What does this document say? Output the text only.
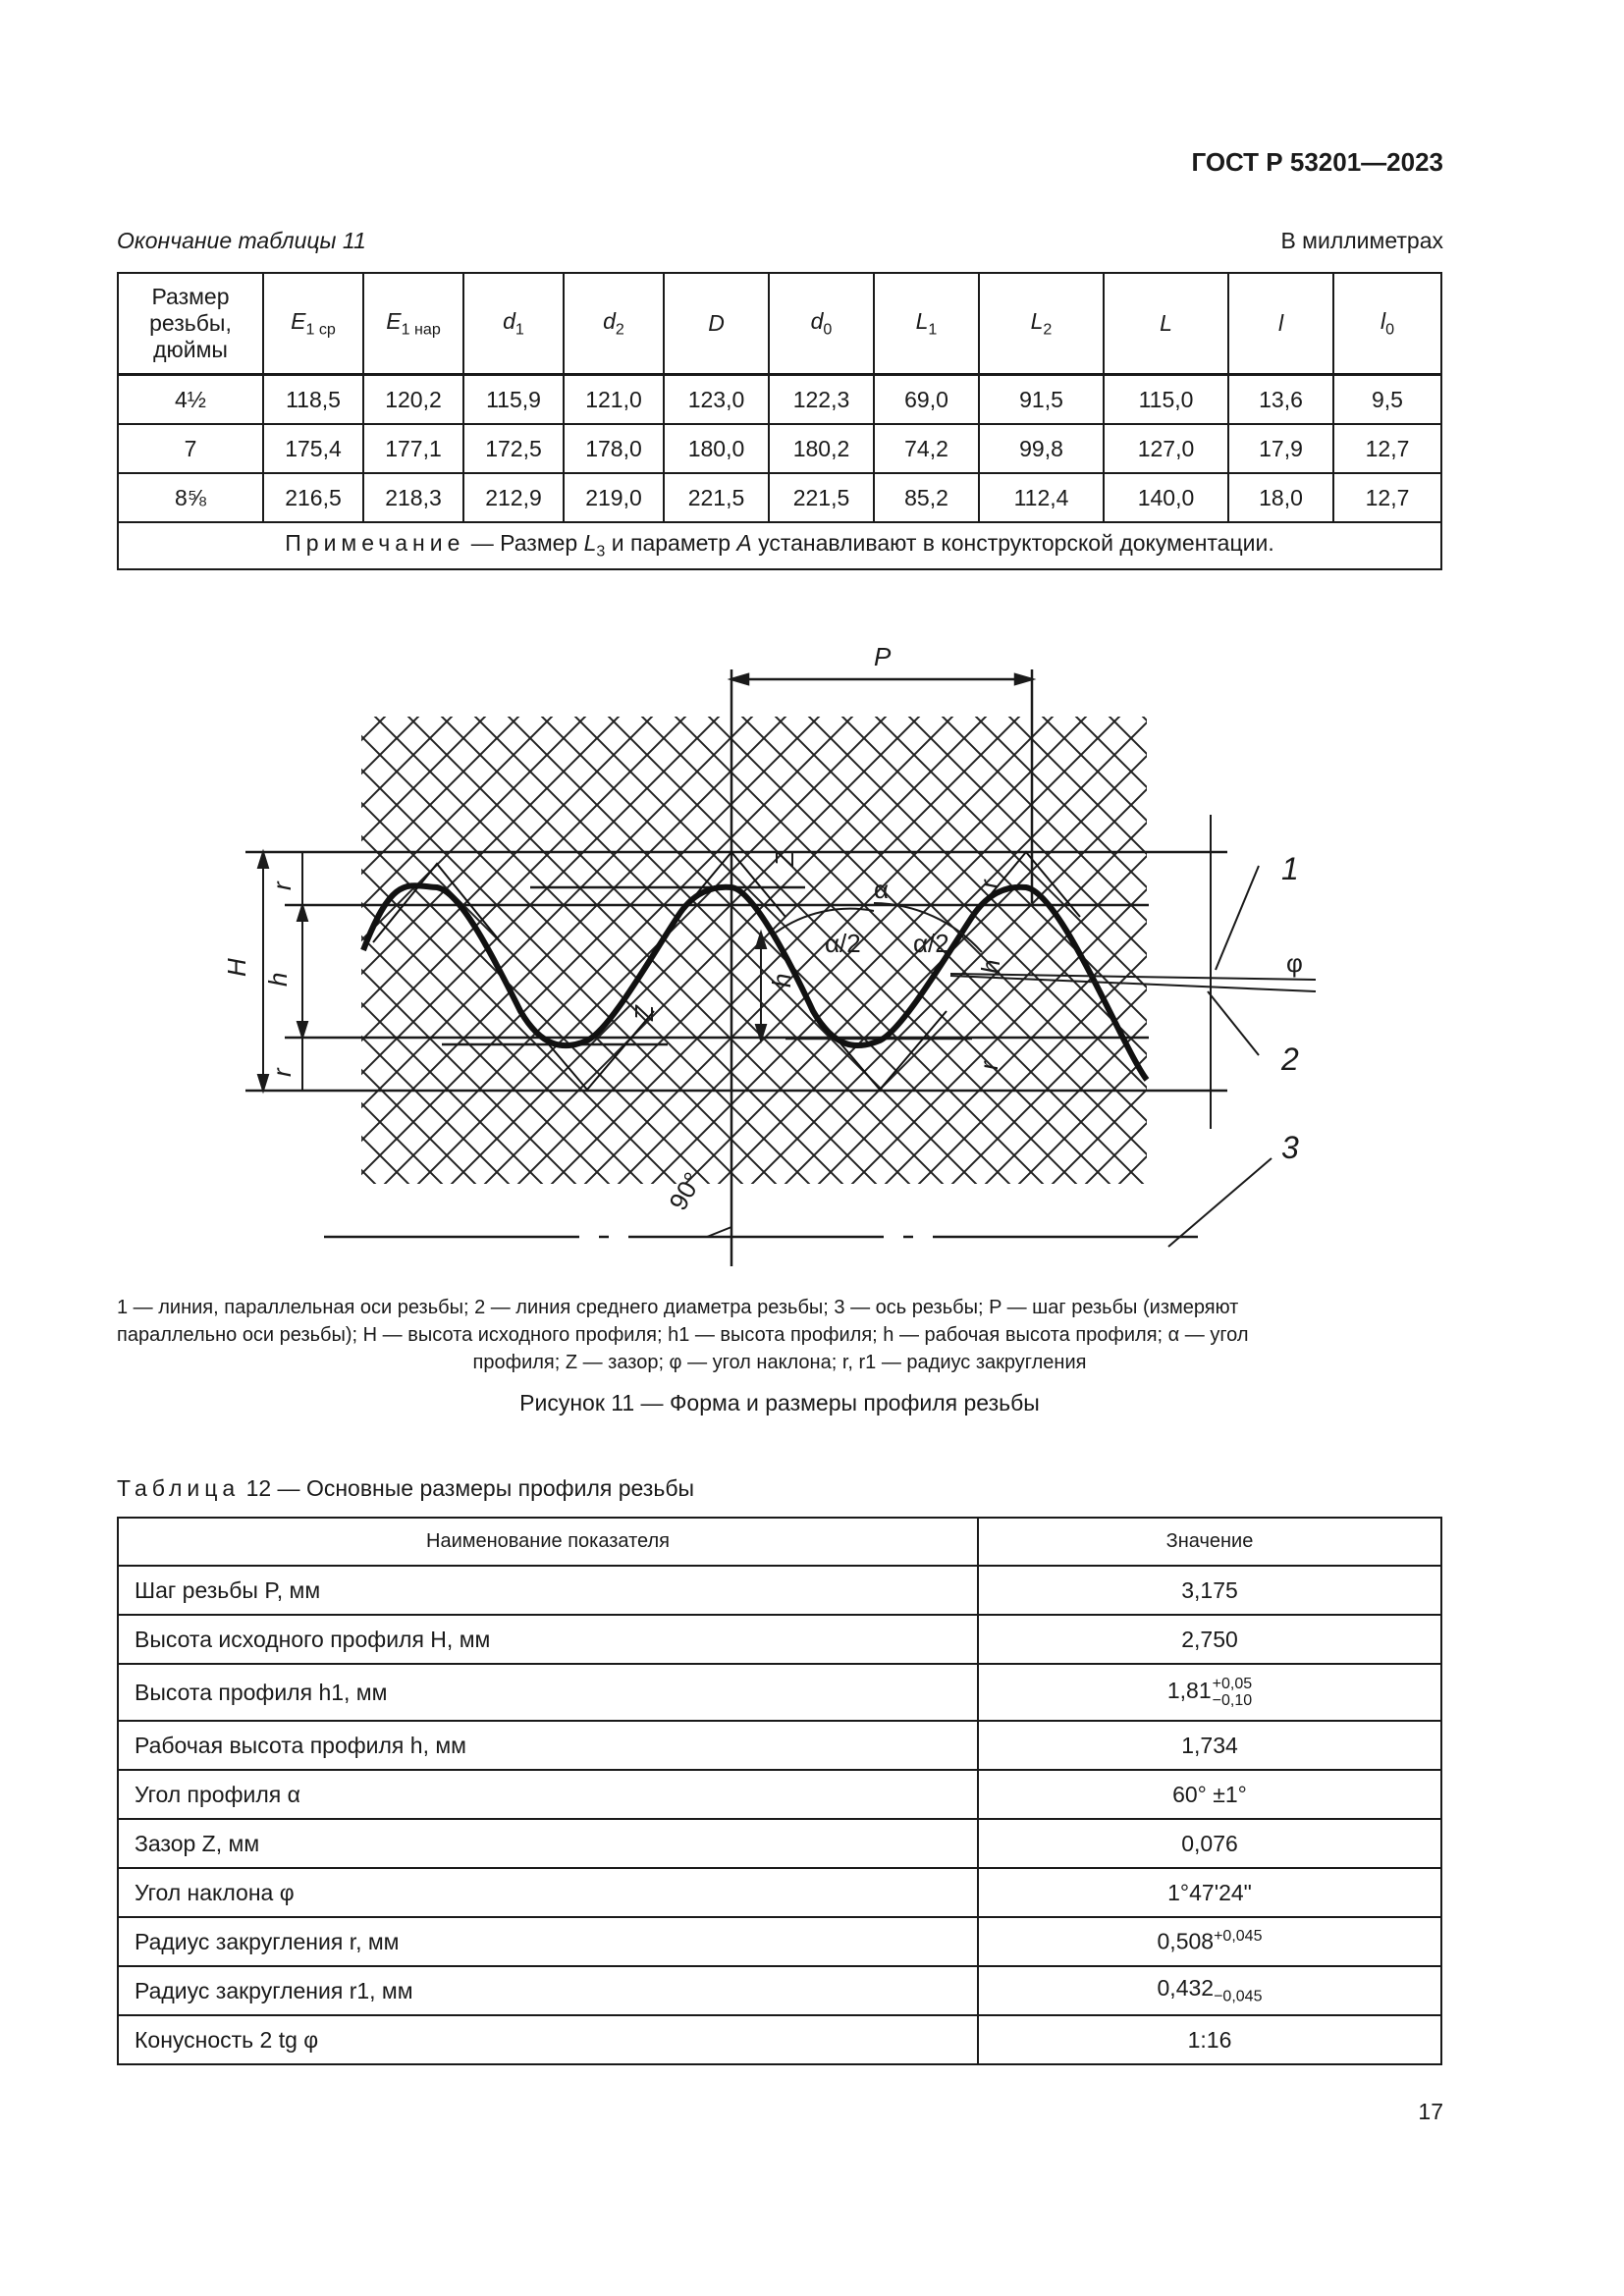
ГОСТ Р 53201—2023
Окончание таблицы 11	В миллиметрах
Размер
резьбы,
дюймы	$E_{1 ср}$	$E_{1 нар}$	$d_1$	$d_2$	D	$d_0$	$L_1$	$L_2$	L	l	$l_0$
4½	118,5	120,2	115,9	121,0	123,0	122,3	69,0	91,5	115,0	13,6	9,5
7	175,4	177,1	172,5	178,0	180,0	180,2	74,2	99,8	127,0	17,9	12,7
8⅝	216,5	218,3	212,9	219,0	221,5	221,5	85,2	112,4	140,0	18,0	12,7
Примечание — Размер $L_3$ и параметр A устанавливают в конструкторской документации.											
P
H
h
r
r
h
r
h
r
Z
Z
α
α/2 α/2
φ
1
2
3
90°
1 — линия, параллельная оси резьбы; 2 — линия среднего диаметра резьбы; 3 — ось резьбы; P — шаг резьбы (измеряют
параллельно оси резьбы); H — высота исходного профиля; h1 — высота профиля; h — рабочая высота профиля; α — угол
профиля; Z — зазор; φ — угол наклона; r, r1 — радиус закругления
Рисунок 11 — Форма и размеры профиля резьбы
Таблица 12 — Основные размеры профиля резьбы
Наименование показателя	Значение
Шаг резьбы P, мм	3,175
Высота исходного профиля H, мм	2,750
Высота профиля h1, мм	1,81+0,05
−0,10
Рабочая высота профиля h, мм	1,734
Угол профиля α	60° ±1°
Зазор Z, мм	0,076
Угол наклона φ	1°47'24"
Радиус закругления r, мм	$0,508^{+0,045}$
Радиус закругления r1, мм	$0,432_{-0,045}$
Конусность 2 tg φ	1:16
17
